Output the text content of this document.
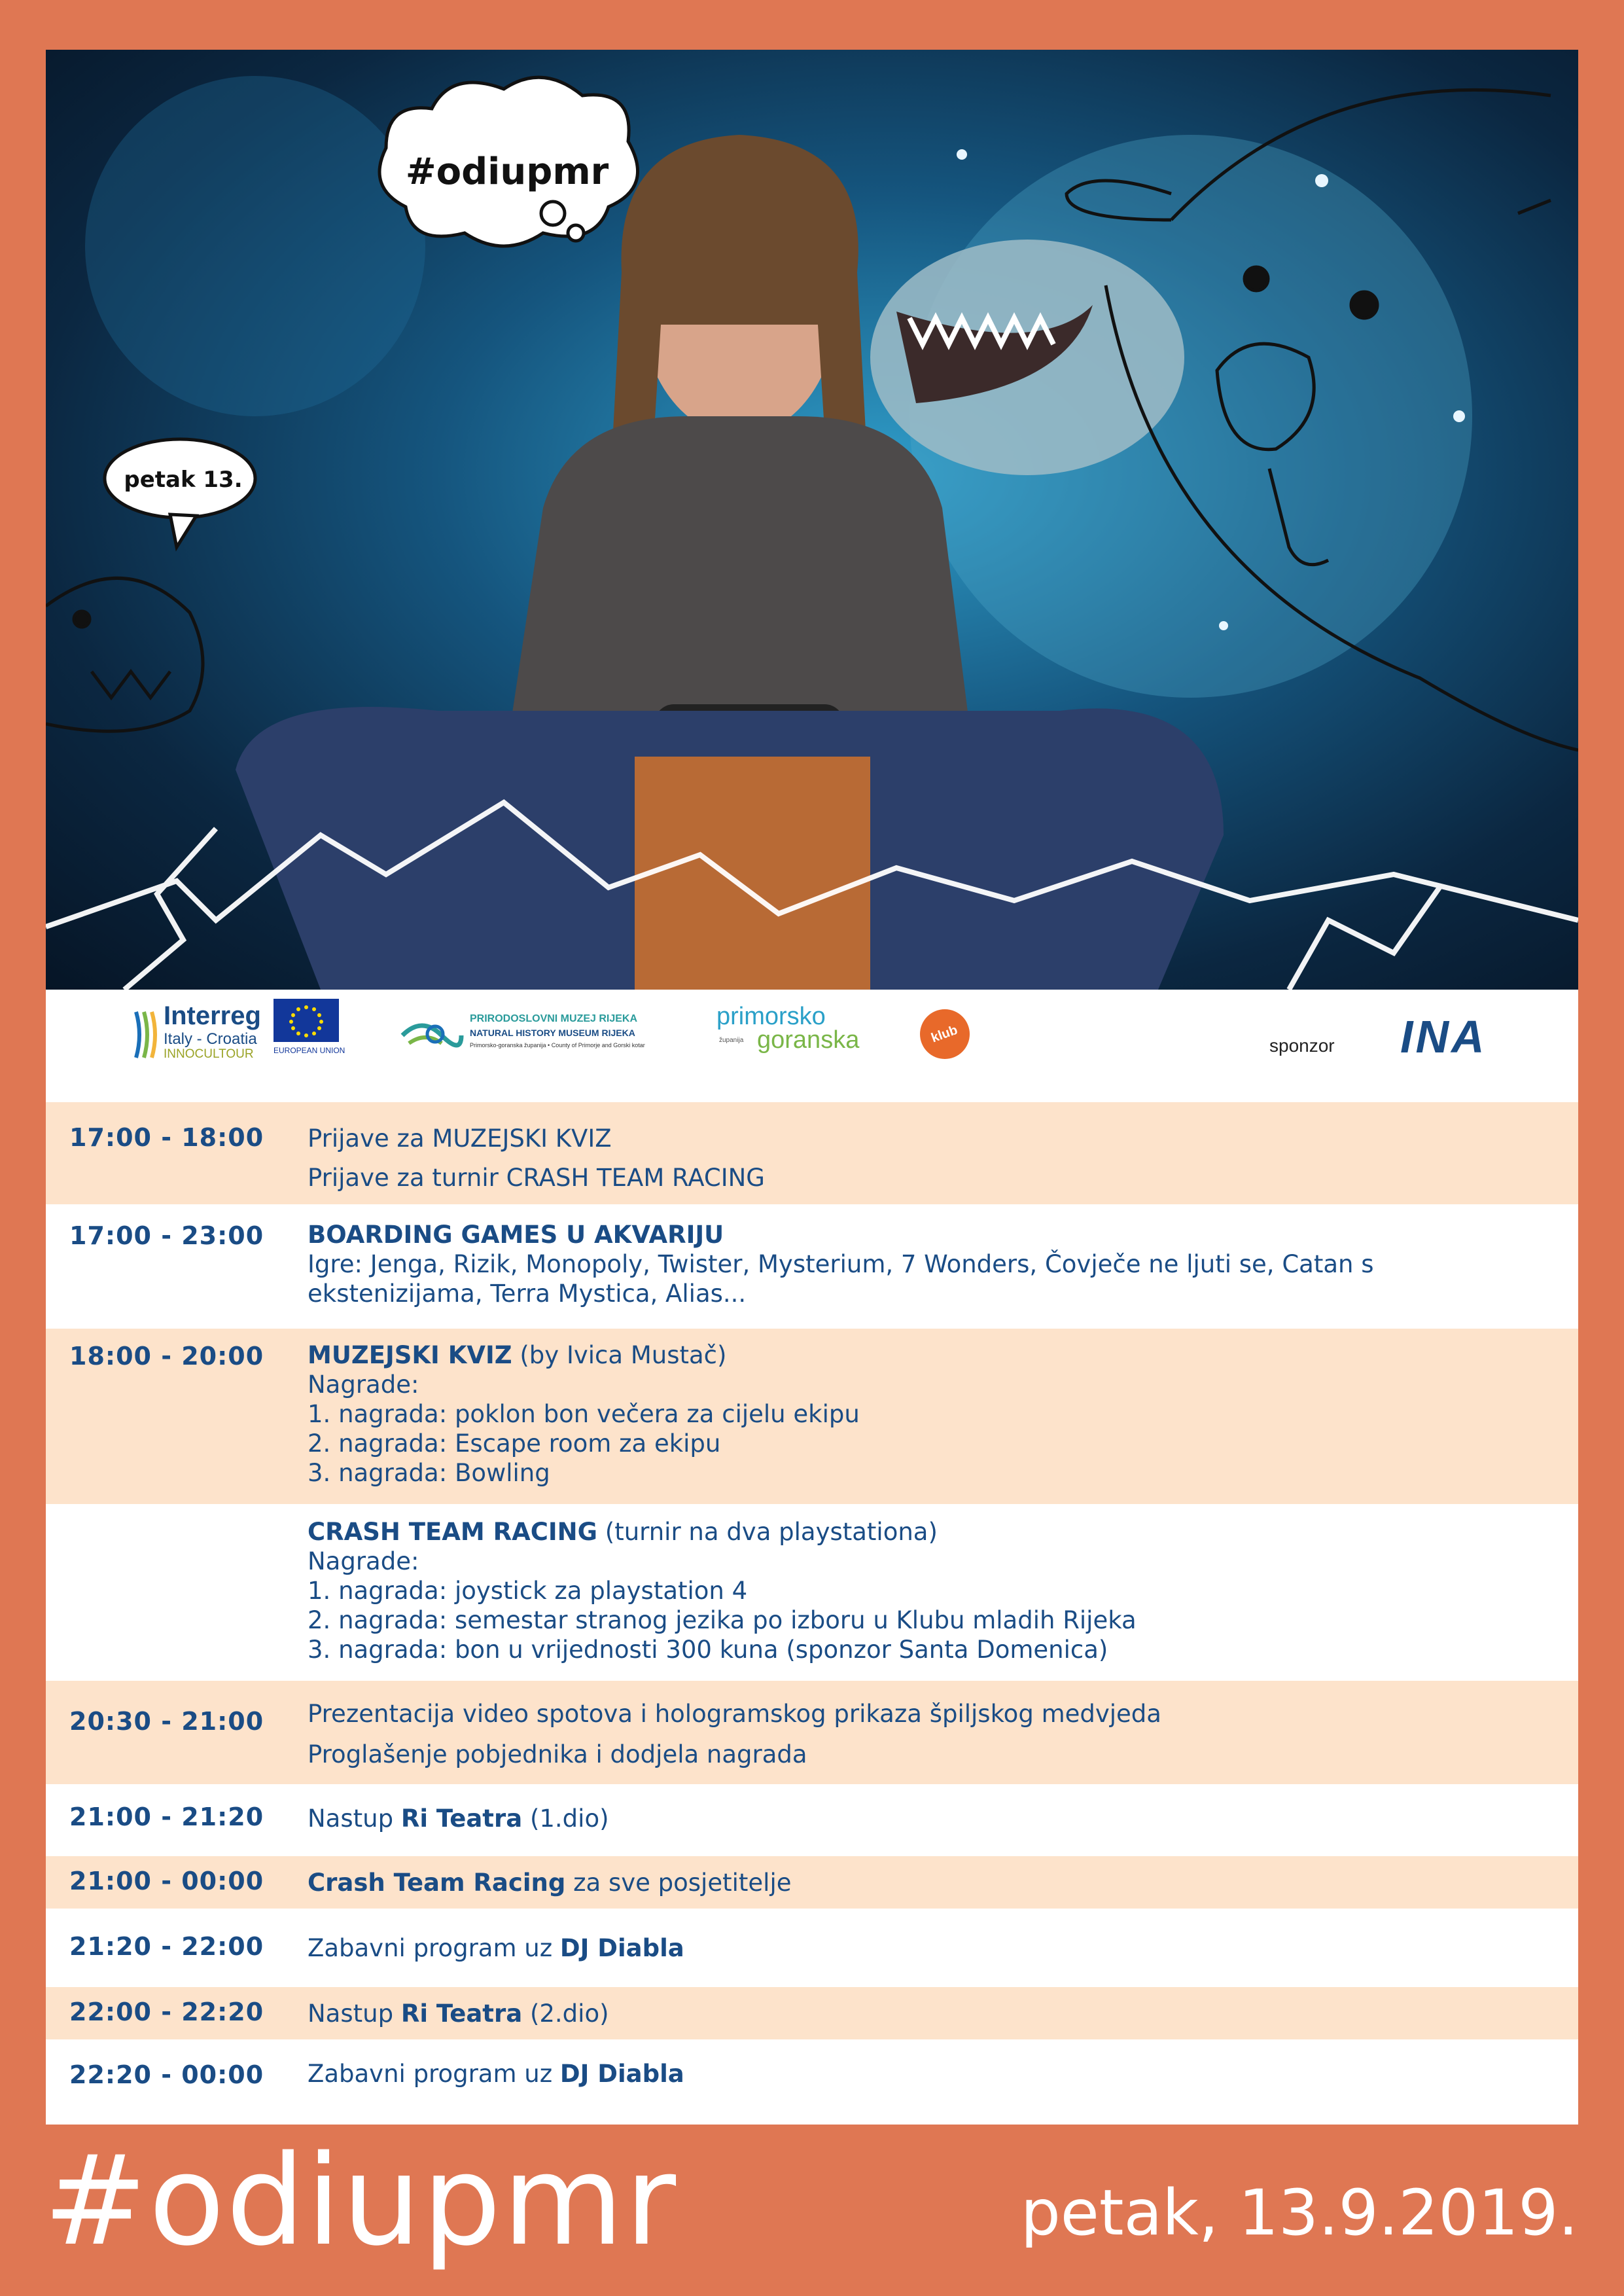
#odiupmr
petak 13.
Interreg
Italy - Croatia
INNOCULTOUR	EUROPEAN UNION
PRIRODOSLOVNI MUZEJ RIJEKA
NATURAL HISTORY MUSEUM RIJEKA
Primorsko-goranska županija • County of Primorje and Gorski kotar
primorsko
županija goranska	klub
sponzor INA
17:00 - 18:00 Prijave za MUZEJSKI KVIZ
Prijave za turnir CRASH TEAM RACING
17:00 - 23:00 BOARDING GAMES U AKVARIJU
Igre: Jenga, Rizik, Monopoly, Twister, Mysterium, 7 Wonders, Čovječe ne ljuti se, Catan s
ekstenizijama, Terra Mystica, Alias...
18:00 - 20:00 MUZEJSKI KVIZ (by Ivica Mustač)
Nagrade:
1. nagrada: poklon bon večera za cijelu ekipu
2. nagrada: Escape room za ekipu
3. nagrada: Bowling
CRASH TEAM RACING (turnir na dva playstationa)
Nagrade:
1. nagrada: joystick za playstation 4
2. nagrada: semestar stranog jezika po izboru u Klubu mladih Rijeka
3. nagrada: bon u vrijednosti 300 kuna (sponzor Santa Domenica)
20:30 - 21:00 Prezentacija video spotova i hologramskog prikaza špiljskog medvjeda
Proglašenje pobjednika i dodjela nagrada
21:00 - 21:20 Nastup Ri Teatra (1.dio)
21:00 - 00:00 Crash Team Racing za sve posjetitelje
21:20 - 22:00 Zabavni program uz DJ Diabla
22:00 - 22:20 Nastup Ri Teatra (2.dio)
22:20 - 00:00 Zabavni program uz DJ Diabla
#odiupmr	petak, 13.9.2019.
